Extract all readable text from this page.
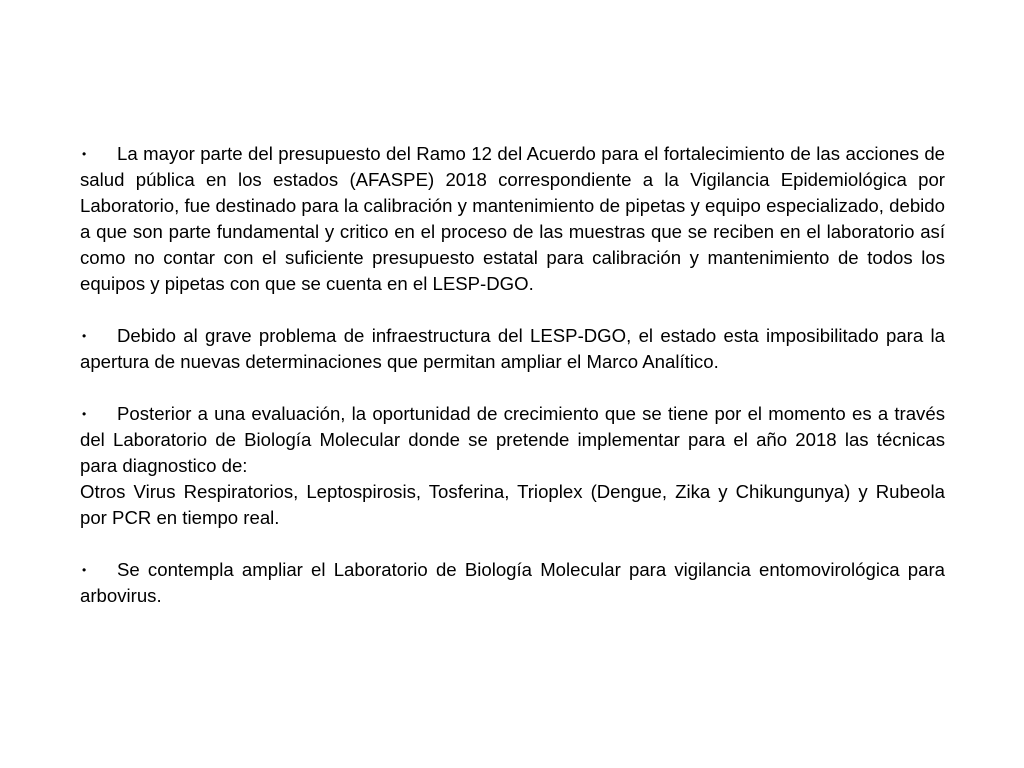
• La mayor parte del presupuesto del Ramo 12 del Acuerdo para el fortalecimiento de las acciones de salud pública en los estados (AFASPE) 2018 correspondiente a la Vigilancia Epidemiológica por Laboratorio, fue destinado para la calibración y mantenimiento de pipetas y equipo especializado, debido a que son parte fundamental y critico en el proceso de las muestras que se reciben en el laboratorio así como no contar con el suficiente presupuesto estatal para calibración y mantenimiento de todos los equipos y pipetas con que se cuenta en el LESP-DGO.

• Debido al grave problema de infraestructura del LESP-DGO, el estado esta imposibilitado para la apertura de nuevas determinaciones que permitan ampliar el Marco Analítico.

• Posterior a una evaluación, la oportunidad de crecimiento que se tiene por el momento es a través del Laboratorio de Biología Molecular donde se pretende implementar para el año 2018 las técnicas para diagnostico de:

Otros Virus Respiratorios, Leptospirosis, Tosferina, Trioplex (Dengue, Zika y Chikungunya) y Rubeola por PCR en tiempo real.

• Se contempla ampliar el Laboratorio de Biología Molecular para vigilancia entomovirológica para arbovirus.
